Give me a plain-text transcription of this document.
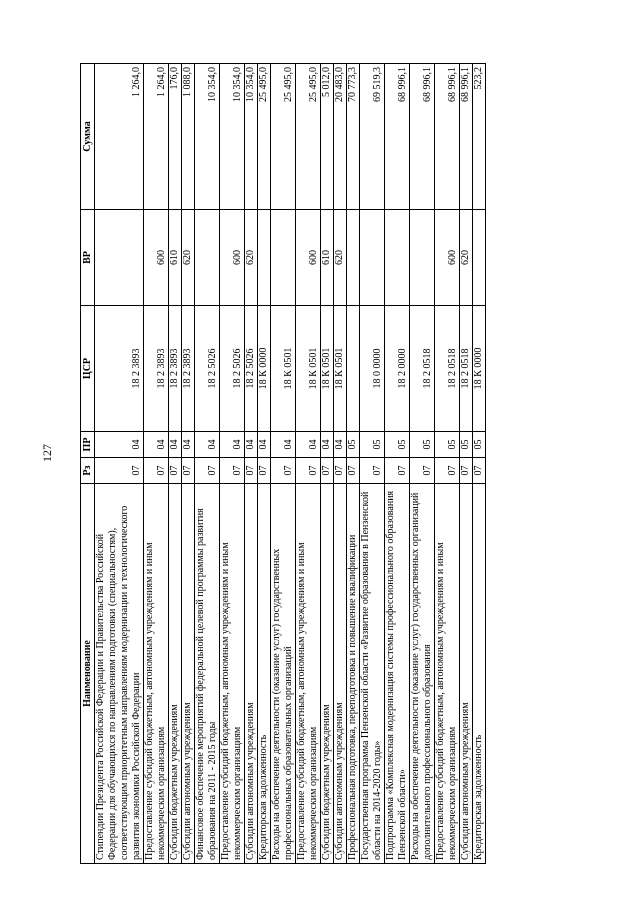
127
Наименование	Рз	ПР	ЦСР	ВР	Сумма
Стипендии Президента Российской Федерации и Правительства Российской Федерации для обучающихся по направлениям подготовки (специальностям), соответствующим приоритетным направлениям модернизации и технологического развития экономики Российской Федерации	07	04	18 2 3893		1 264,0
Предоставление субсидий бюджетным, автономным учреждениям и иным некоммерческим организациям	07	04	18 2 3893	600	1 264,0
Субсидии бюджетным учреждениям	07	04	18 2 3893	610	176,0
Субсидии автономным учреждениям	07	04	18 2 3893	620	1 088,0
Финансовое обеспечение мероприятий федеральной целевой программы развития образования на 2011 - 2015 годы	07	04	18 2 5026		10 354,0
Предоставление субсидий бюджетным, автономным учреждениям и иным некоммерческим организациям	07	04	18 2 5026	600	10 354,0
Субсидии автономным учреждениям	07	04	18 2 5026	620	10 354,0
Кредиторская задолженность	07	04	18 К 0000		25 495,0
Расходы на обеспечение деятельности (оказание услуг) государственных профессиональных образовательных организаций	07	04	18 К 0501		25 495,0
Предоставление субсидий бюджетным, автономным учреждениям и иным некоммерческим организациям	07	04	18 К 0501	600	25 495,0
Субсидии бюджетным учреждениям	07	04	18 К 0501	610	5 012,0
Субсидии автономным учреждениям	07	04	18 К 0501	620	20 483,0
Профессиональная подготовка, переподготовка и повышение квалификации	07	05			70 773,3
Государственная программа Пензенской области «Развитие образования в Пензенской области на 2014-2020 годы»	07	05	18 0 0000		69 519,3
Подпрограмма «Комплексная модернизация системы профессионального образования Пензенской области»	07	05	18 2 0000		68 996,1
Расходы на обеспечение деятельности (оказание услуг) государственных организаций дополнительного профессионального образования	07	05	18 2 0518		68 996,1
Предоставление субсидий бюджетным, автономным учреждениям и иным некоммерческим организациям	07	05	18 2 0518	600	68 996,1
Субсидии автономным учреждениям	07	05	18 2 0518	620	68 996,1
Кредиторская задолженность	07	05	18 К 0000		523,2
